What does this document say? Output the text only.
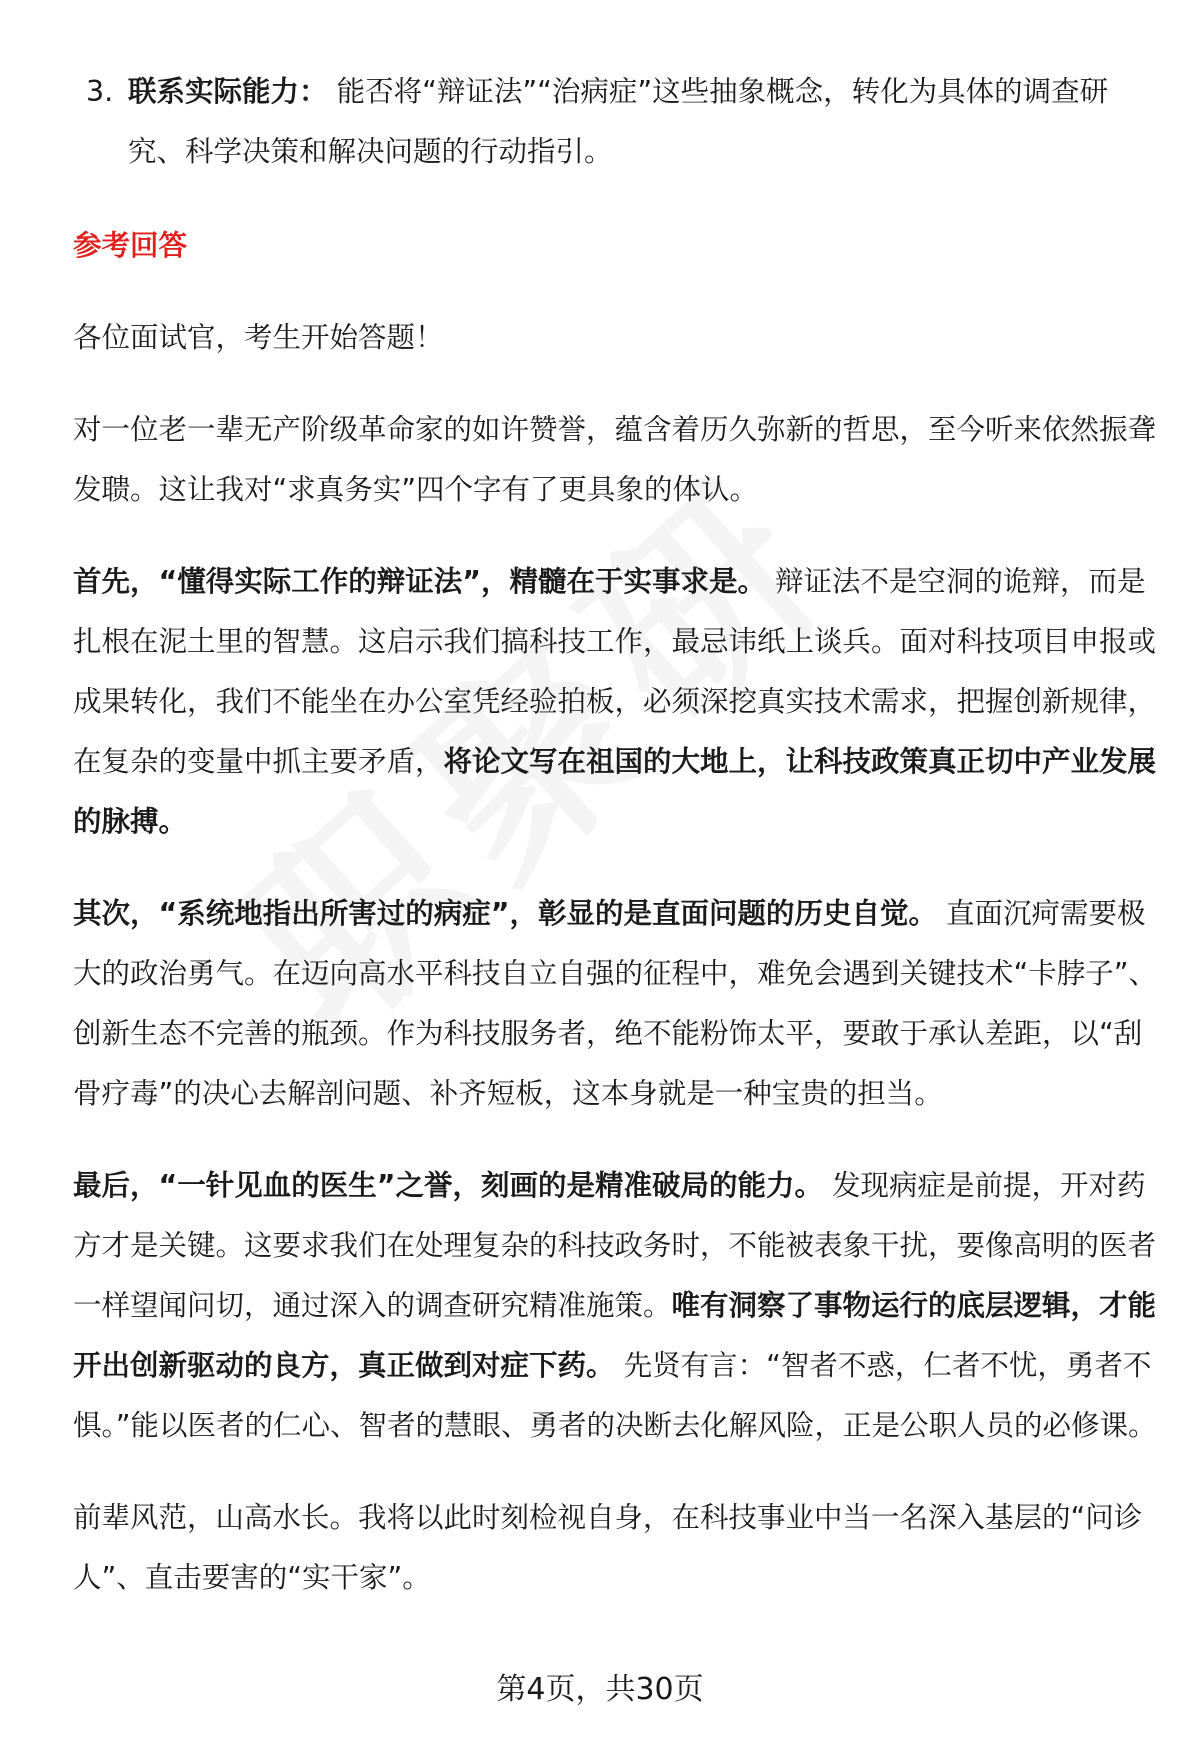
3. 联系实际能力： 能否将“辩证法”“治病症”这些抽象概念，转化为具体的调查研究、科学决策和解决问题的行动指引。

参考回答

各位面试官，考生开始答题！

对一位老一辈无产阶级革命家的如许赞誉，蕴含着历久弥新的哲思，至今听来依然振聋发聩。这让我对“求真务实”四个字有了更具象的体认。

首先，“懂得实际工作的辩证法”，精髓在于实事求是。 辩证法不是空洞的诡辩，而是扎根在泥土里的智慧。这启示我们搞科技工作，最忌讳纸上谈兵。面对科技项目申报或成果转化，我们不能坐在办公室凭经验拍板，必须深挖真实技术需求，把握创新规律，在复杂的变量中抓主要矛盾，将论文写在祖国的大地上，让科技政策真正切中产业发展的脉搏。

其次，“系统地指出所害过的病症”，彰显的是直面问题的历史自觉。 直面沉疴需要极大的政治勇气。在迈向高水平科技自立自强的征程中，难免会遇到关键技术“卡脖子”、创新生态不完善的瓶颈。作为科技服务者，绝不能粉饰太平，要敢于承认差距，以“刮骨疗毒”的决心去解剖问题、补齐短板，这本身就是一种宝贵的担当。

最后，“一针见血的医生”之誉，刻画的是精准破局的能力。 发现病症是前提，开对药方才是关键。这要求我们在处理复杂的科技政务时，不能被表象干扰，要像高明的医者一样望闻问切，通过深入的调查研究精准施策。唯有洞察了事物运行的底层逻辑，才能开出创新驱动的良方，真正做到对症下药。 先贤有言：“智者不惑，仁者不忧，勇者不惧。”能以医者的仁心、智者的慧眼、勇者的决断去化解风险，正是公职人员的必修课。

前辈风范，山高水长。我将以此时刻检视自身，在科技事业中当一名深入基层的“问诊人”、直击要害的“实干家”。

第4页，共30页
